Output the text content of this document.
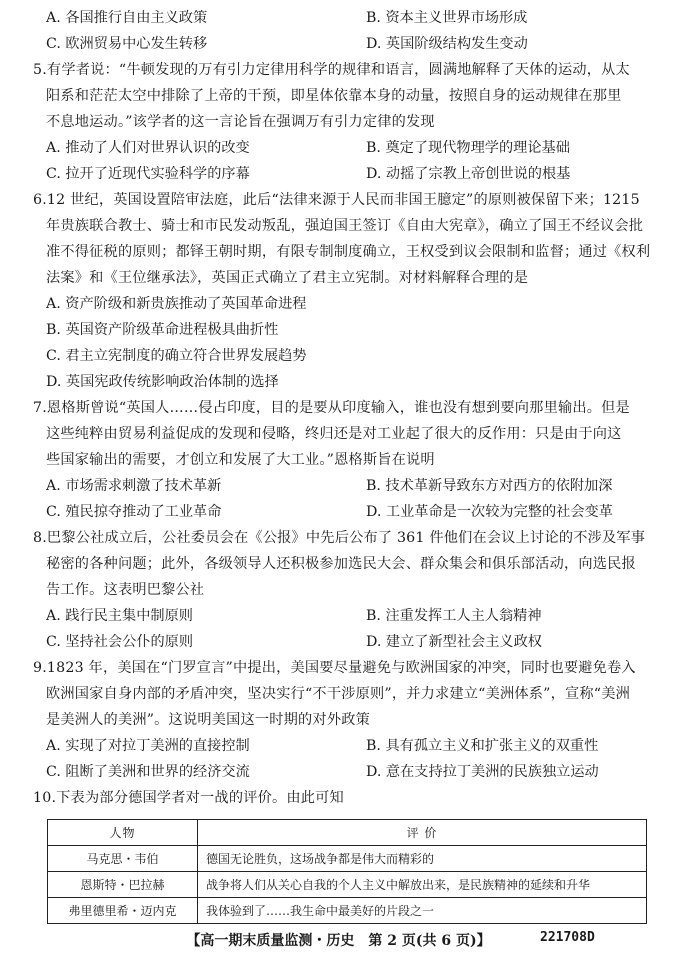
A. 各国推行自由主义政策	B. 资本主义世界市场形成
C. 欧洲贸易中心发生转移	D. 英国阶级结构发生变动
5.有学者说：“牛顿发现的万有引力定律用科学的规律和语言，圆满地解释了天体的运动，从太
阳系和茫茫太空中排除了上帝的干预，即星体依靠本身的动量，按照自身的运动规律在那里
不息地运动。”该学者的这一言论旨在强调万有引力定律的发现
A. 推动了人们对世界认识的改变	B. 奠定了现代物理学的理论基础
C. 拉开了近现代实验科学的序幕	D. 动摇了宗教上帝创世说的根基
6.12 世纪，英国设置陪审法庭，此后“法律来源于人民而非国王臆定”的原则被保留下来；1215
年贵族联合教士、骑士和市民发动叛乱，强迫国王签订《自由大宪章》，确立了国王不经议会批
准不得征税的原则；都铎王朝时期，有限专制制度确立，王权受到议会限制和监督；通过《权利
法案》和《王位继承法》，英国正式确立了君主立宪制。对材料解释合理的是
A. 资产阶级和新贵族推动了英国革命进程
B. 英国资产阶级革命进程极具曲折性
C. 君主立宪制度的确立符合世界发展趋势
D. 英国宪政传统影响政治体制的选择
7.恩格斯曾说“英国人……侵占印度，目的是要从印度输入，谁也没有想到要向那里输出。但是
这些纯粹由贸易利益促成的发现和侵略，终归还是对工业起了很大的反作用：只是由于向这
些国家输出的需要，才创立和发展了大工业。”恩格斯旨在说明
A. 市场需求刺激了技术革新	B. 技术革新导致东方对西方的依附加深
C. 殖民掠夺推动了工业革命	D. 工业革命是一次较为完整的社会变革
8.巴黎公社成立后，公社委员会在《公报》中先后公布了 361 件他们在会议上讨论的不涉及军事
秘密的各种问题；此外，各级领导人还积极参加选民大会、群众集会和俱乐部活动，向选民报
告工作。这表明巴黎公社
A. 践行民主集中制原则	B. 注重发挥工人主人翁精神
C. 坚持社会公仆的原则	D. 建立了新型社会主义政权
9.1823 年，美国在“门罗宣言”中提出，美国要尽量避免与欧洲国家的冲突，同时也要避免卷入
欧洲国家自身内部的矛盾冲突，坚决实行“不干涉原则”，并力求建立“美洲体系”，宣称“美洲
是美洲人的美洲”。这说明美国这一时期的对外政策
A. 实现了对拉丁美洲的直接控制	B. 具有孤立主义和扩张主义的双重性
C. 阻断了美洲和世界的经济交流	D. 意在支持拉丁美洲的民族独立运动
10.下表为部分德国学者对一战的评价。由此可知
人物	评 价
马克思・韦伯	德国无论胜负，这场战争都是伟大而精彩的
恩斯特・巴拉赫	战争将人们从关心自我的个人主义中解放出来，是民族精神的延续和升华
弗里德里希・迈内克	我体验到了……我生命中最美好的片段之一
【高一期末质量监测・历史　第 2 页(共 6 页)】	221708D
